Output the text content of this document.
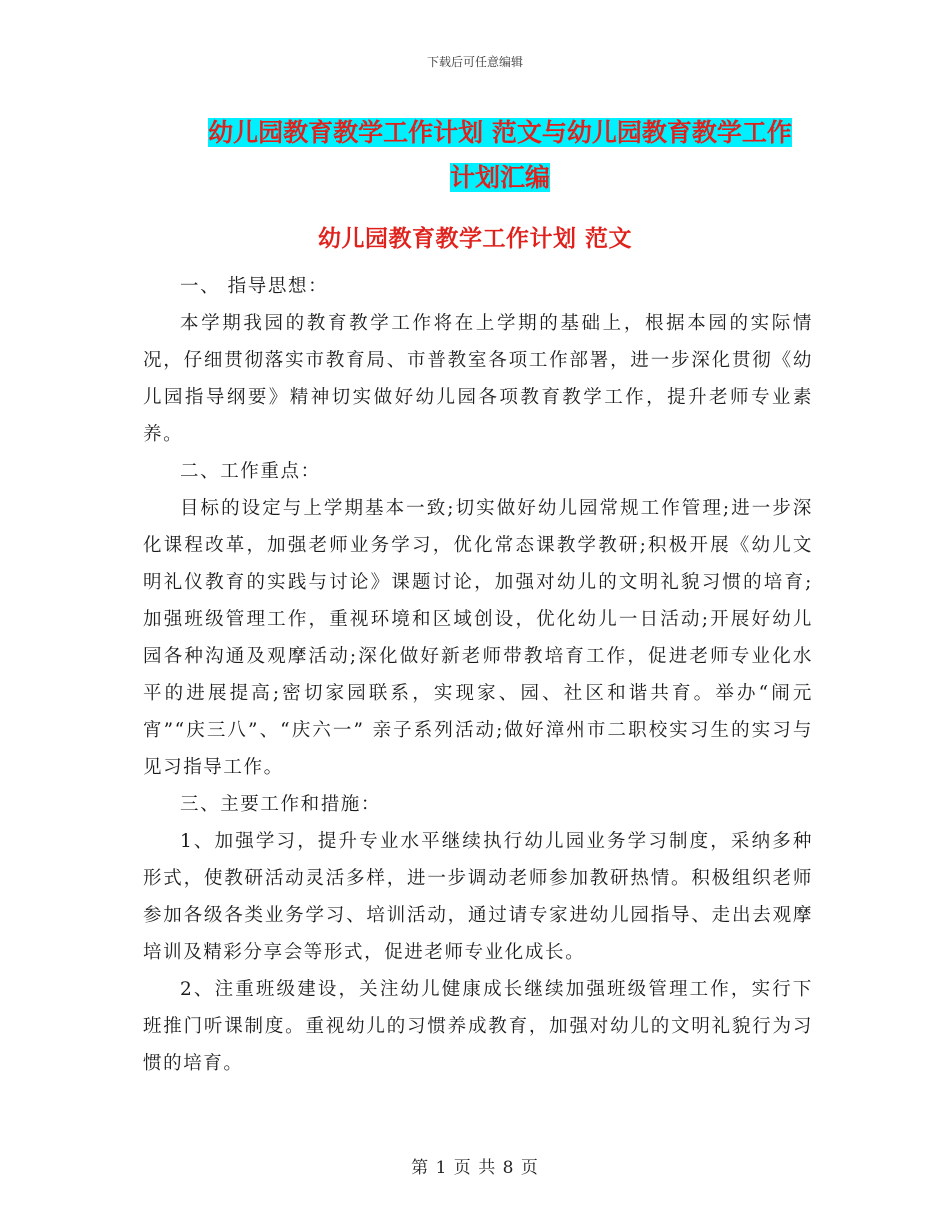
下载后可任意编辑
幼儿园教育教学工作计划 范文与幼儿园教育教学工作
计划汇编
幼儿园教育教学工作计划 范文

一、 指导思想：

本学期我园的教育教学工作将在上学期的基础上，根据本园的实际情况，仔细贯彻落实市教育局、市普教室各项工作部署，进一步深化贯彻《幼儿园指导纲要》精神切实做好幼儿园各项教育教学工作，提升老师专业素养。

二、工作重点：

目标的设定与上学期基本一致;切实做好幼儿园常规工作管理;进一步深化课程改革，加强老师业务学习，优化常态课教学教研;积极开展《幼儿文明礼仪教育的实践与讨论》课题讨论，加强对幼儿的文明礼貌习惯的培育;加强班级管理工作，重视环境和区域创设，优化幼儿一日活动;开展好幼儿园各种沟通及观摩活动;深化做好新老师带教培育工作，促进老师专业化水平的进展提高;密切家园联系，实现家、园、社区和谐共育。举办“闹元宵”“庆三八”、“庆六一” 亲子系列活动;做好漳州市二职校实习生的实习与见习指导工作。

三、主要工作和措施：

1、加强学习，提升专业水平继续执行幼儿园业务学习制度，采纳多种形式，使教研活动灵活多样，进一步调动老师参加教研热情。积极组织老师参加各级各类业务学习、培训活动，通过请专家进幼儿园指导、走出去观摩培训及精彩分享会等形式，促进老师专业化成长。

2、注重班级建设，关注幼儿健康成长继续加强班级管理工作，实行下班推门听课制度。重视幼儿的习惯养成教育，加强对幼儿的文明礼貌行为习惯的培育。

第 1 页 共 8 页
